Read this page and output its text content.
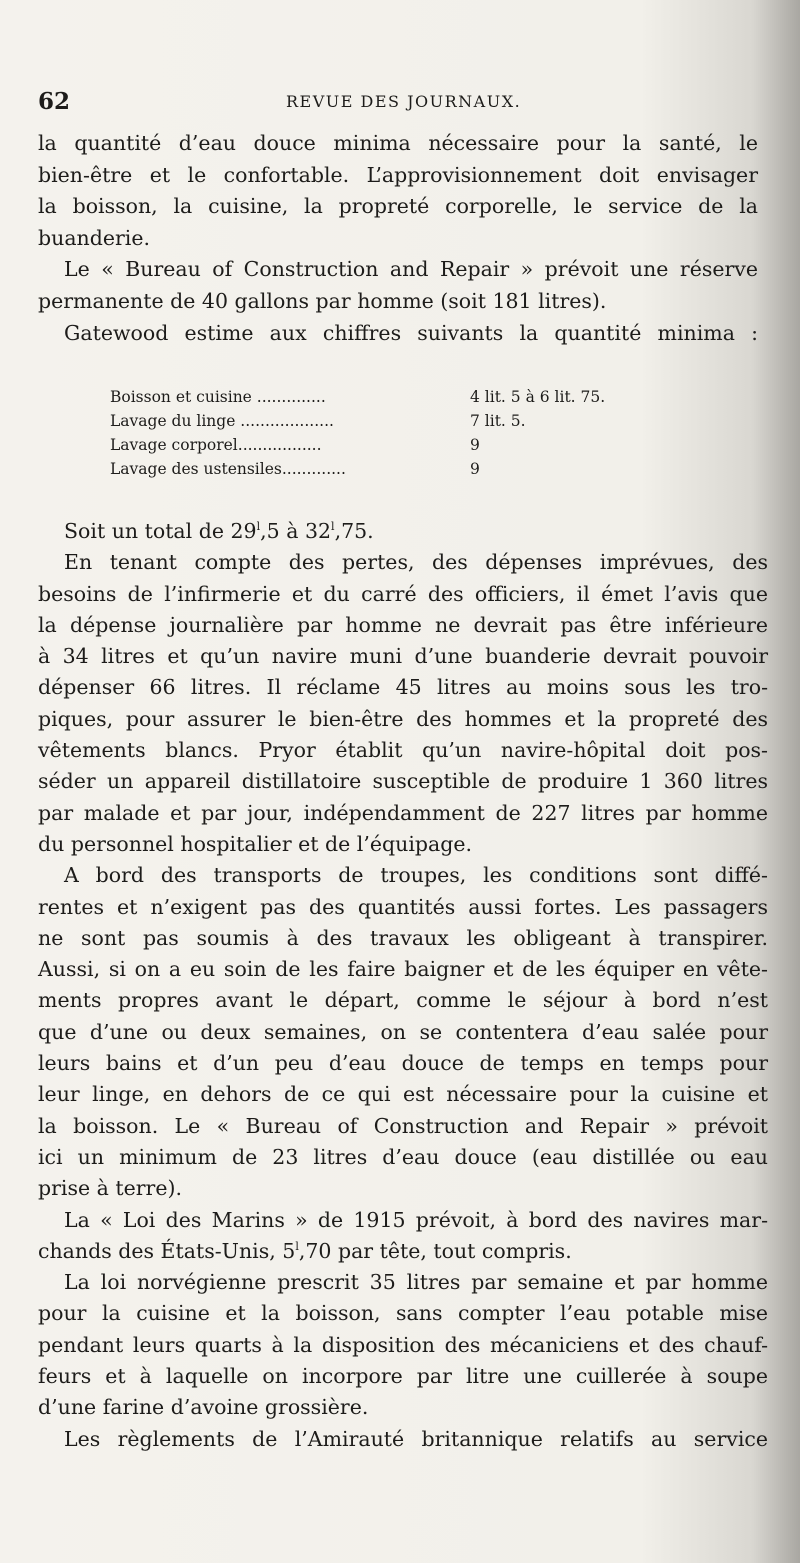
62	REVUE DES JOURNAUX.
la quantité d’eau douce minima nécessaire pour la santé, le
bien-être et le confortable. L’approvisionnement doit envisager
la boisson, la cuisine, la propreté corporelle, le service de la
buanderie.
Le « Bureau of Construction and Repair » prévoit une réserve
permanente de 40 gallons par homme (soit 181 litres).
Gatewood estime aux chiffres suivants la quantité minima :
Boisson et cuisine ..............	4 lit. 5 à 6 lit. 75.
Lavage du linge ...................	7 lit. 5.
Lavage corporel.................	9
Lavage des ustensiles.............	9
Soit un total de 29$^l$,5 à 32$^l$,75.
En tenant compte des pertes, des dépenses imprévues, des
besoins de l’infirmerie et du carré des officiers, il émet l’avis que
la dépense journalière par homme ne devrait pas être inférieure
à 34 litres et qu’un navire muni d’une buanderie devrait pouvoir
dépenser 66 litres. Il réclame 45 litres au moins sous les tro-
piques, pour assurer le bien-être des hommes et la propreté des
vêtements blancs. Pryor établit qu’un navire-hôpital doit pos-
séder un appareil distillatoire susceptible de produire 1 360 litres
par malade et par jour, indépendamment de 227 litres par homme
du personnel hospitalier et de l’équipage.
A bord des transports de troupes, les conditions sont diffé-
rentes et n’exigent pas des quantités aussi fortes. Les passagers
ne sont pas soumis à des travaux les obligeant à transpirer.
Aussi, si on a eu soin de les faire baigner et de les équiper en vête-
ments propres avant le départ, comme le séjour à bord n’est
que d’une ou deux semaines, on se contentera d’eau salée pour
leurs bains et d’un peu d’eau douce de temps en temps pour
leur linge, en dehors de ce qui est nécessaire pour la cuisine et
la boisson. Le « Bureau of Construction and Repair » prévoit
ici un minimum de 23 litres d’eau douce (eau distillée ou eau
prise à terre).
La « Loi des Marins » de 1915 prévoit, à bord des navires mar-
chands des États-Unis, 5$^l$,70 par tête, tout compris.
La loi norvégienne prescrit 35 litres par semaine et par homme
pour la cuisine et la boisson, sans compter l’eau potable mise
pendant leurs quarts à la disposition des mécaniciens et des chauf-
feurs et à laquelle on incorpore par litre une cuillerée à soupe
d’une farine d’avoine grossière.
Les règlements de l’Amirauté britannique relatifs au service
